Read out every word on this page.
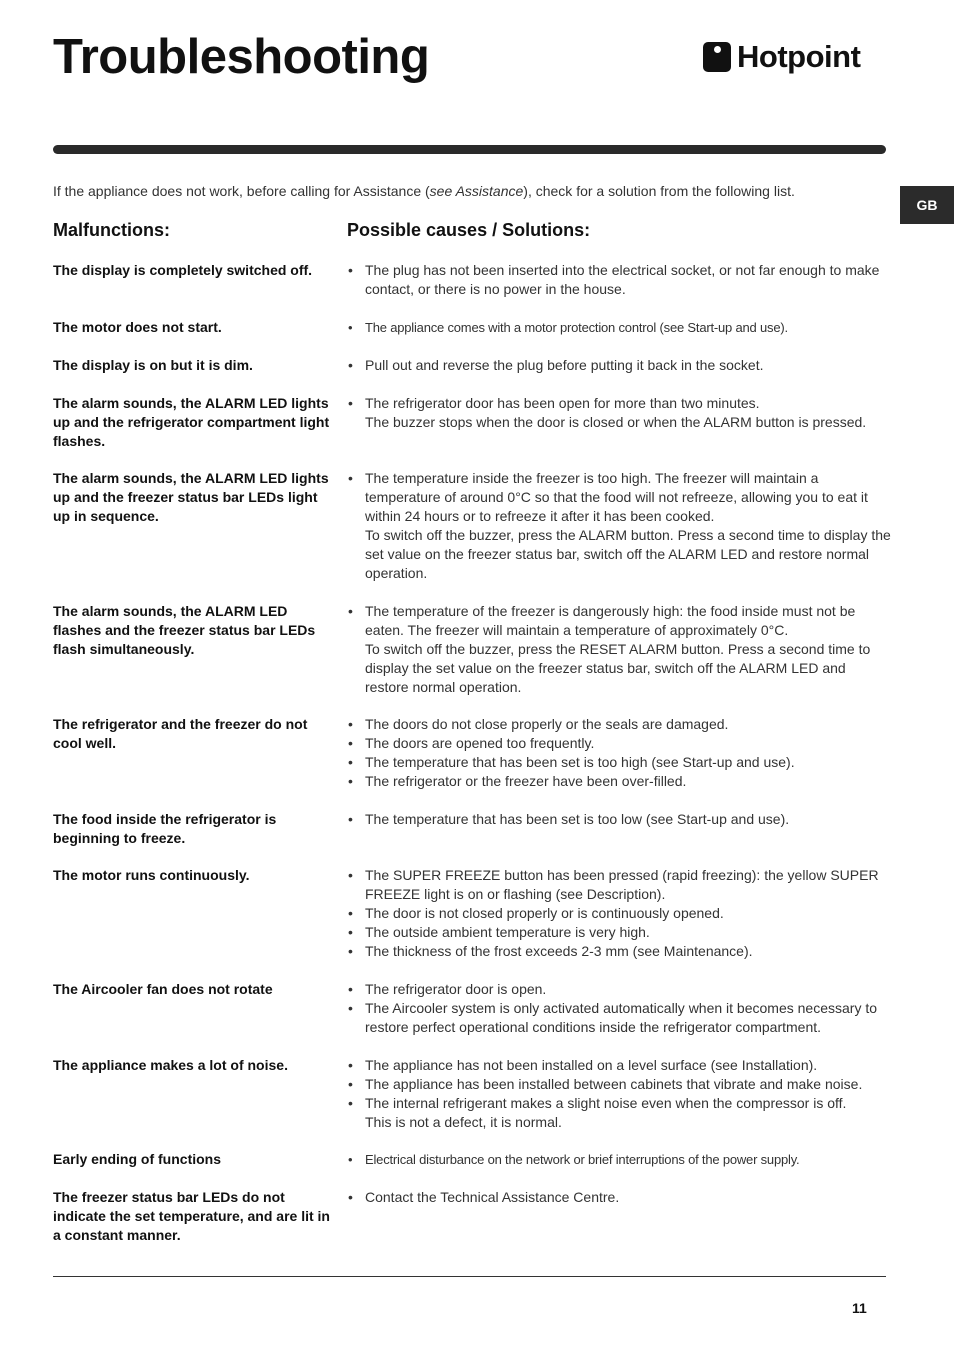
Troubleshooting	Hotpoint
GB

If the appliance does not work, before calling for Assistance (see Assistance), check for a solution from the following list.

Malfunctions:	Possible causes / Solutions:
The display is completely switched off.	• The plug has not been inserted into the electrical socket, or not far enough to make contact, or there is no power in the house.
The motor does not start.	• The appliance comes with a motor protection control (see Start-up and use).
The display is on but it is dim.	• Pull out and reverse the plug before putting it back in the socket.
The alarm sounds, the ALARM LED lights up and the refrigerator compartment light flashes.
• The refrigerator door has been open for more than two minutes.
The buzzer stops when the door is closed or when the ALARM button is pressed.
The alarm sounds, the ALARM LED lights up and the freezer status bar LEDs light up in sequence.
• The temperature inside the freezer is too high. The freezer will maintain a temperature of around 0°C so that the food will not refreeze, allowing you to eat it within 24 hours or to refreeze it after it has been cooked.
To switch off the buzzer, press the ALARM button. Press a second time to display the set value on the freezer status bar, switch off the ALARM LED and restore normal operation.
The alarm sounds, the ALARM LED flashes and the freezer status bar LEDs flash simultaneously.
• The temperature of the freezer is dangerously high: the food inside must not be eaten. The freezer will maintain a temperature of approximately 0°C.
To switch off the buzzer, press the RESET ALARM button. Press a second time to display the set value on the freezer status bar, switch off the ALARM LED and restore normal operation.
The refrigerator and the freezer do not cool well.
• The doors do not close properly or the seals are damaged.
• The doors are opened too frequently.
• The temperature that has been set is too high (see Start-up and use).
• The refrigerator or the freezer have been over-filled.
The food inside the refrigerator is beginning to freeze.
• The temperature that has been set is too low (see Start-up and use).
The motor runs continuously.	• The SUPER FREEZE button has been pressed (rapid freezing): the yellow SUPER FREEZE light is on or flashing (see Description).
• The door is not closed properly or is continuously opened.
• The outside ambient temperature is very high.
• The thickness of the frost exceeds 2-3 mm (see Maintenance).
The Aircooler fan does not rotate	• The refrigerator door is open.
• The Aircooler system is only activated automatically when it becomes necessary to restore perfect operational conditions inside the refrigerator compartment.
The appliance makes a lot of noise.	• The appliance has not been installed on a level surface (see Installation).
• The appliance has been installed between cabinets that vibrate and make noise.
• The internal refrigerant makes a slight noise even when the compressor is off.
This is not a defect, it is normal.
Early ending of functions	• Electrical disturbance on the network or brief interruptions of the power supply.
The freezer status bar LEDs do not indicate the set temperature, and are lit in a constant manner.
• Contact the Technical Assistance Centre.
11
